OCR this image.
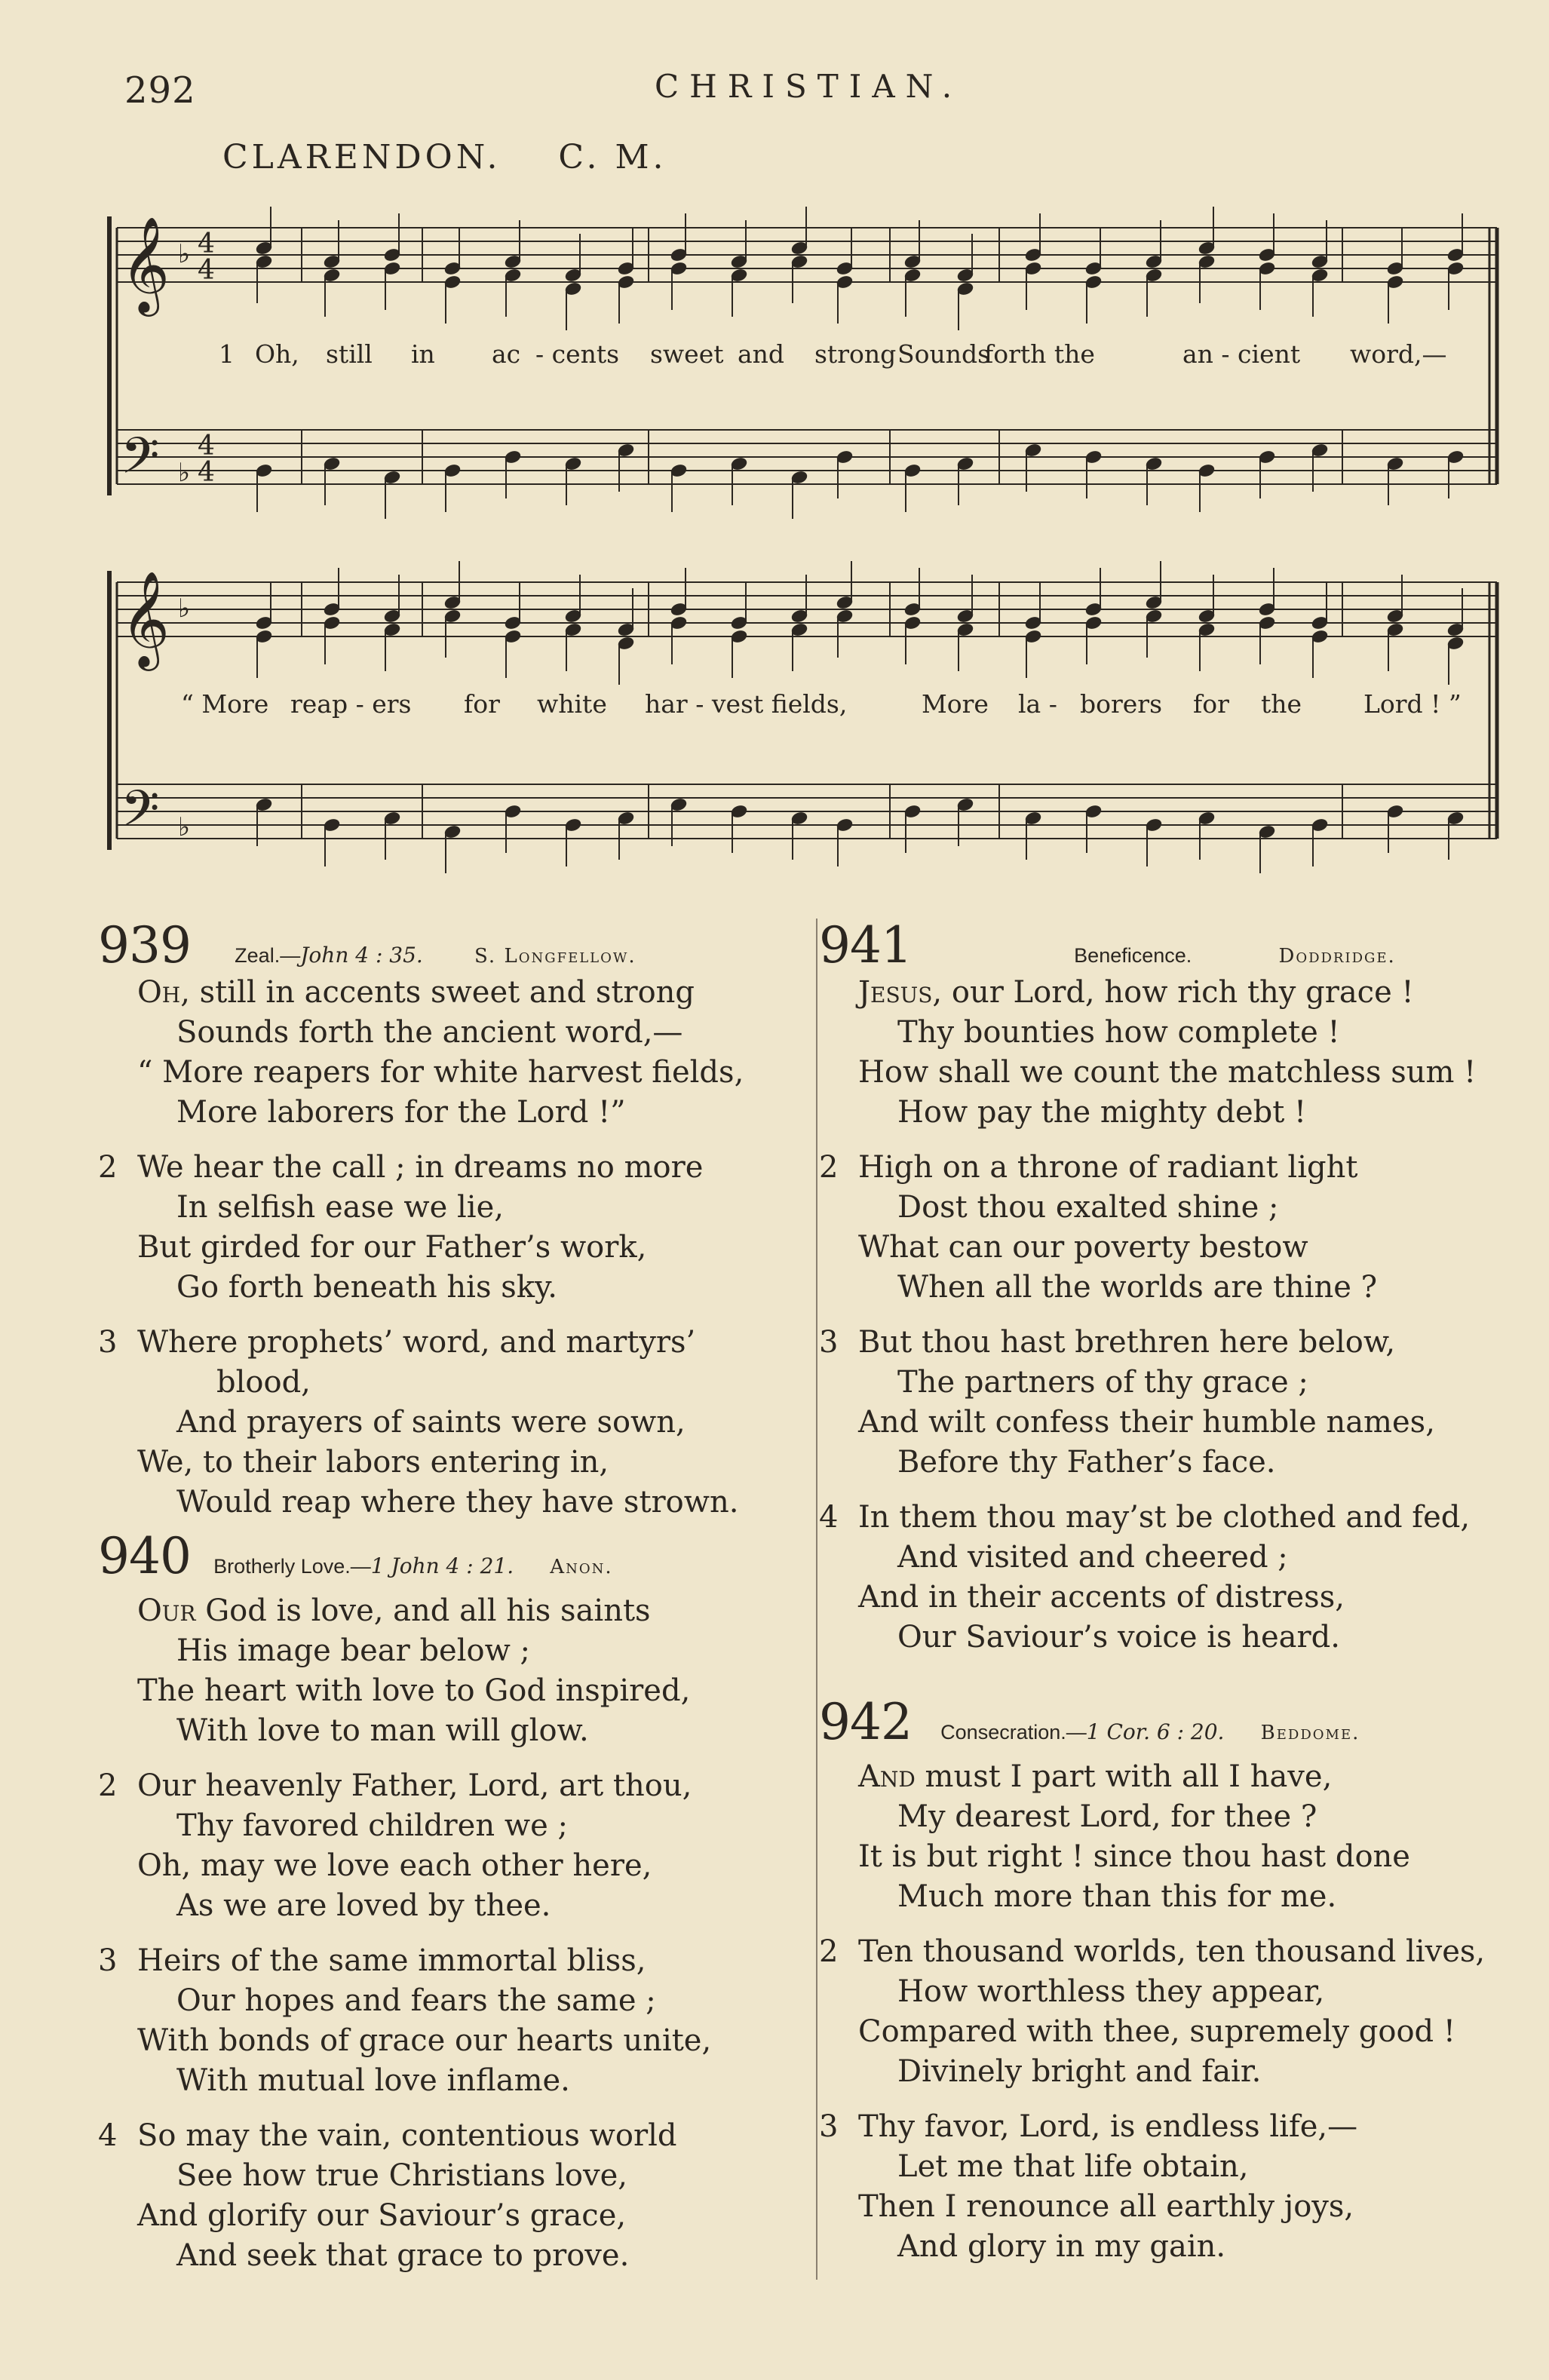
292	CHRISTIAN.
CLARENDON. C. M.
𝄞
𝄢
𝄞
𝄢
4
4
4
4
♭
♭
♭
♭
1 Oh, still in ac - cents sweet and strong Sounds
forth the	an - cient word,—
“ More reap - ers for white har - vest fields,	More la - borers for the Lord ! ”
939 Zeal.—John 4 : 35.	S. Longfellow.
Oh, still in accents sweet and strong
Sounds forth the ancient word,—
“ More reapers for white harvest fields,
More laborers for the Lord !”
2 We hear the call ; in dreams no more
In selfish ease we lie,
But girded for our Father’s work,
Go forth beneath his sky.
3 Where prophets’ word, and martyrs’
blood,
And prayers of saints were sown,
We, to their labors entering in,
Would reap where they have strown.
940 Brotherly Love.—1 John 4 : 21. Anon.
Our God is love, and all his saints
His image bear below ;
The heart with love to God inspired,
With love to man will glow.
2 Our heavenly Father, Lord, art thou,
Thy favored children we ;
Oh, may we love each other here,
As we are loved by thee.
3 Heirs of the same immortal bliss,
Our hopes and fears the same ;
With bonds of grace our hearts unite,
With mutual love inflame.
4 So may the vain, contentious world
See how true Christians love,
And glorify our Saviour’s grace,
And seek that grace to prove.
941	Beneficence.	Doddridge.
Jesus, our Lord, how rich thy grace !
Thy bounties how complete !
How shall we count the matchless sum !
How pay the mighty debt !
2 High on a throne of radiant light
Dost thou exalted shine ;
What can our poverty bestow
When all the worlds are thine ?
3 But thou hast brethren here below,
The partners of thy grace ;
And wilt confess their humble names,
Before thy Father’s face.
4 In them thou may’st be clothed and fed,
And visited and cheered ;
And in their accents of distress,
Our Saviour’s voice is heard.
942 Consecration.—1 Cor. 6 : 20. Beddome.
And must I part with all I have,
My dearest Lord, for thee ?
It is but right ! since thou hast done
Much more than this for me.
2 Ten thousand worlds, ten thousand lives,
How worthless they appear,
Compared with thee, supremely good !
Divinely bright and fair.
3 Thy favor, Lord, is endless life,—
Let me that life obtain,
Then I renounce all earthly joys,
And glory in my gain.
